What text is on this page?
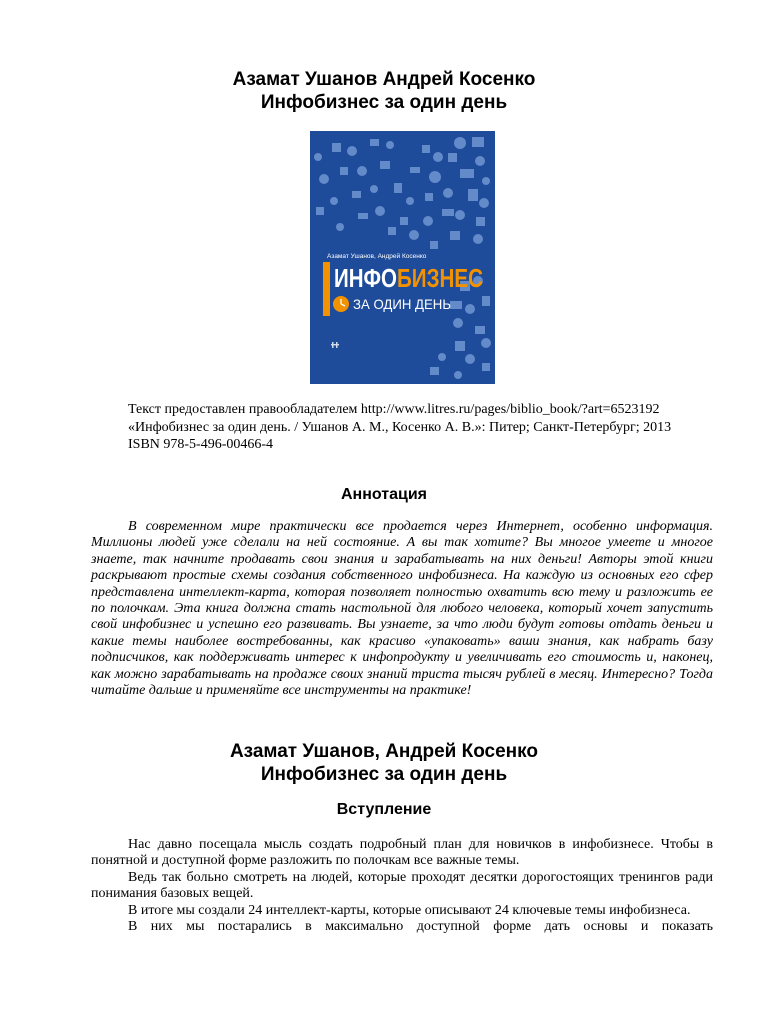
Азамат Ушанов Андрей Косенко
Инфобизнес за один день
Азамат Ушанов, Андрей Косенко
ИНФО БИЗНЕС
ЗА ОДИН ДЕНЬ

Текст предоставлен правообладателем http://www.litres.ru/pages/biblio_book/?art=6523192

«Инфобизнес за один день. / Ушанов А. М., Косенко А. В.»: Питер; Санкт-Петербург; 2013

ISBN 978-5-496-00466-4

Аннотация

В современном мире практически все продается через Интернет, особенно информация. Миллионы людей уже сделали на ней состояние. А вы так хотите? Вы многое умеете и многое знаете, так начните продавать свои знания и зарабатывать на них деньги! Авторы этой книги раскрывают простые схемы создания собственного инфобизнеса. На каждую из основных его сфер представлена интеллект-карта, которая позволяет полностью охватить всю тему и разложить ее по полочкам. Эта книга должна стать настольной для любого человека, который хочет запустить свой инфобизнес и успешно его развивать. Вы узнаете, за что люди будут готовы отдать деньги и какие темы наиболее востребованны, как красиво «упаковать» ваши знания, как набрать базу подписчиков, как поддерживать интерес к инфопродукту и увеличивать его стоимость и, наконец, как можно зарабатывать на продаже своих знаний триста тысяч рублей в месяц. Интересно? Тогда читайте дальше и применяйте все инструменты на практике!

Азамат Ушанов, Андрей Косенко
Инфобизнес за один день
Вступление

Нас давно посещала мысль создать подробный план для новичков в инфобизнесе. Чтобы в понятной и доступной форме разложить по полочкам все важные темы.

Ведь так больно смотреть на людей, которые проходят десятки дорогостоящих тренингов ради понимания базовых вещей.

В итоге мы создали 24 интеллект-карты, которые описывают 24 ключевые темы инфобизнеса.

В них мы постарались в максимально доступной форме дать основы и показать
